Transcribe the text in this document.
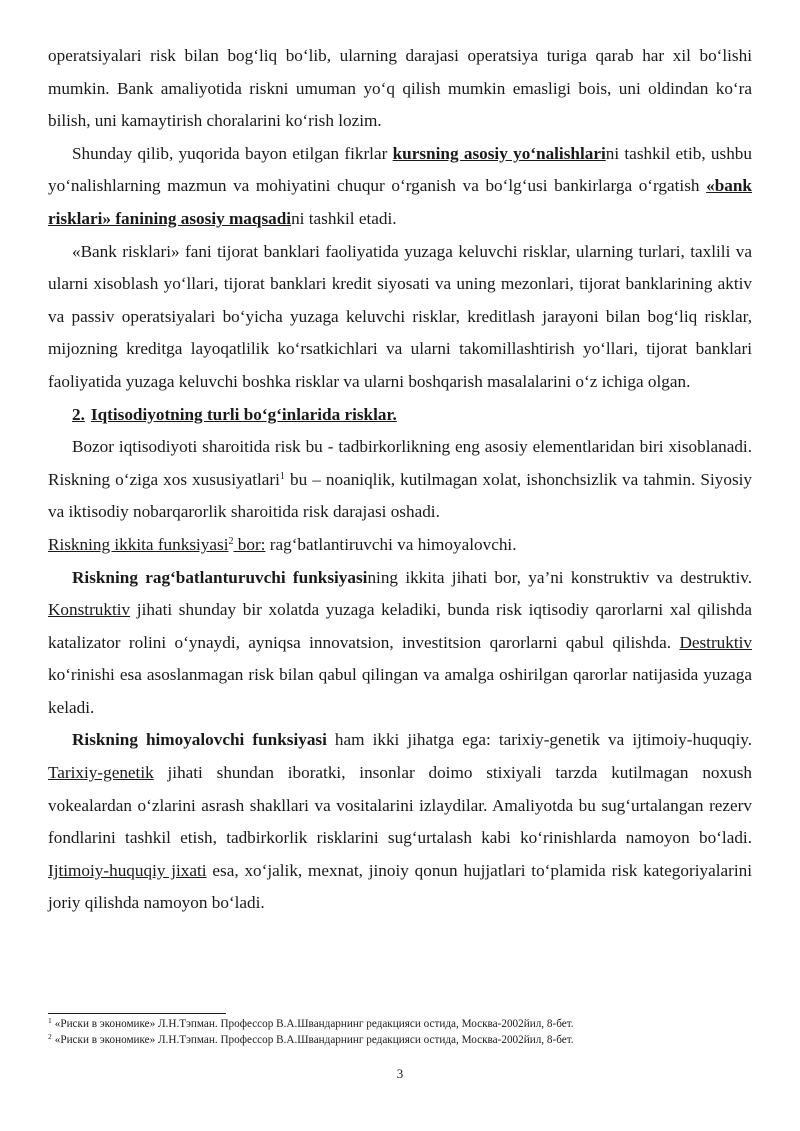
operatsiyalari risk bilan bog‘liq bo‘lib, ularning darajasi operatsiya turiga qarab har xil bo‘lishi mumkin. Bank amaliyotida riskni umuman yo‘q qilish mumkin emasligi bois, uni oldindan ko‘ra bilish, uni kamaytirish choralarini ko‘rish lozim.

Shunday qilib, yuqorida bayon etilgan fikrlar kursning asosiy yo‘nalishlarini tashkil etib, ushbu yo‘nalishlarning mazmun va mohiyatini chuqur o‘rganish va bo‘lg‘usi bankirlarga o‘rgatish «bank risklari» fanining asosiy maqsadini tashkil etadi.

«Bank risklari» fani tijorat banklari faoliyatida yuzaga keluvchi risklar, ularning turlari, taxlili va ularni xisoblash yo‘llari, tijorat banklari kredit siyosati va uning mezonlari, tijorat banklarining aktiv va passiv operatsiyalari bo‘yicha yuzaga keluvchi risklar, kreditlash jarayoni bilan bog‘liq risklar, mijozning kreditga layoqatlilik ko‘rsatkichlari va ularni takomillashtirish yo‘llari, tijorat banklari faoliyatida yuzaga keluvchi boshka risklar va ularni boshqarish masalalarini o‘z ichiga olgan.

2. Iqtisodiyotning turli bo‘g‘inlarida risklar.

Bozor iqtisodiyoti sharoitida risk bu - tadbirkorlikning eng asosiy elementlaridan biri xisoblanadi. Riskning o‘ziga xos xususiyatlari$^1$ bu – noaniqlik, kutilmagan xolat, ishonchsizlik va tahmin. Siyosiy va iktisodiy nobarqarorlik sharoitida risk darajasi oshadi.

Riskning ikkita funksiyasi$^2$ bor: rag‘batlantiruvchi va himoyalovchi.

Riskning rag‘batlanturuvchi funksiyasining ikkita jihati bor, ya’ni konstruktiv va destruktiv. Konstruktiv jihati shunday bir xolatda yuzaga keladiki, bunda risk iqtisodiy qarorlarni xal qilishda katalizator rolini o‘ynaydi, ayniqsa innovatsion, investitsion qarorlarni qabul qilishda. Destruktiv ko‘rinishi esa asoslanmagan risk bilan qabul qilingan va amalga oshirilgan qarorlar natijasida yuzaga keladi.

Riskning himoyalovchi funksiyasi ham ikki jihatga ega: tarixiy-genetik va ijtimoiy-huquqiy. Tarixiy-genetik jihati shundan iboratki, insonlar doimo stixiyali tarzda kutilmagan noxush vokealardan o‘zlarini asrash shakllari va vositalarini izlaydilar. Amaliyotda bu sug‘urtalangan rezerv fondlarini tashkil etish, tadbirkorlik risklarini sug‘urtalash kabi ko‘rinishlarda namoyon bo‘ladi. Ijtimoiy-huquqiy jixati esa, xo‘jalik, mexnat, jinoiy qonun hujjatlari to‘plamida risk kategoriyalarini joriy qilishda namoyon bo‘ladi.

$^1$ «Риски в экономике» Л.Н.Тэпман. Профессор В.А.Швандарнинг редакцияси остида, Москва-2002йил, 8-бет.
$^2$ «Риски в экономике» Л.Н.Тэпман. Профессор В.А.Швандарнинг редакцияси остида, Москва-2002йил, 8-бет.
3
